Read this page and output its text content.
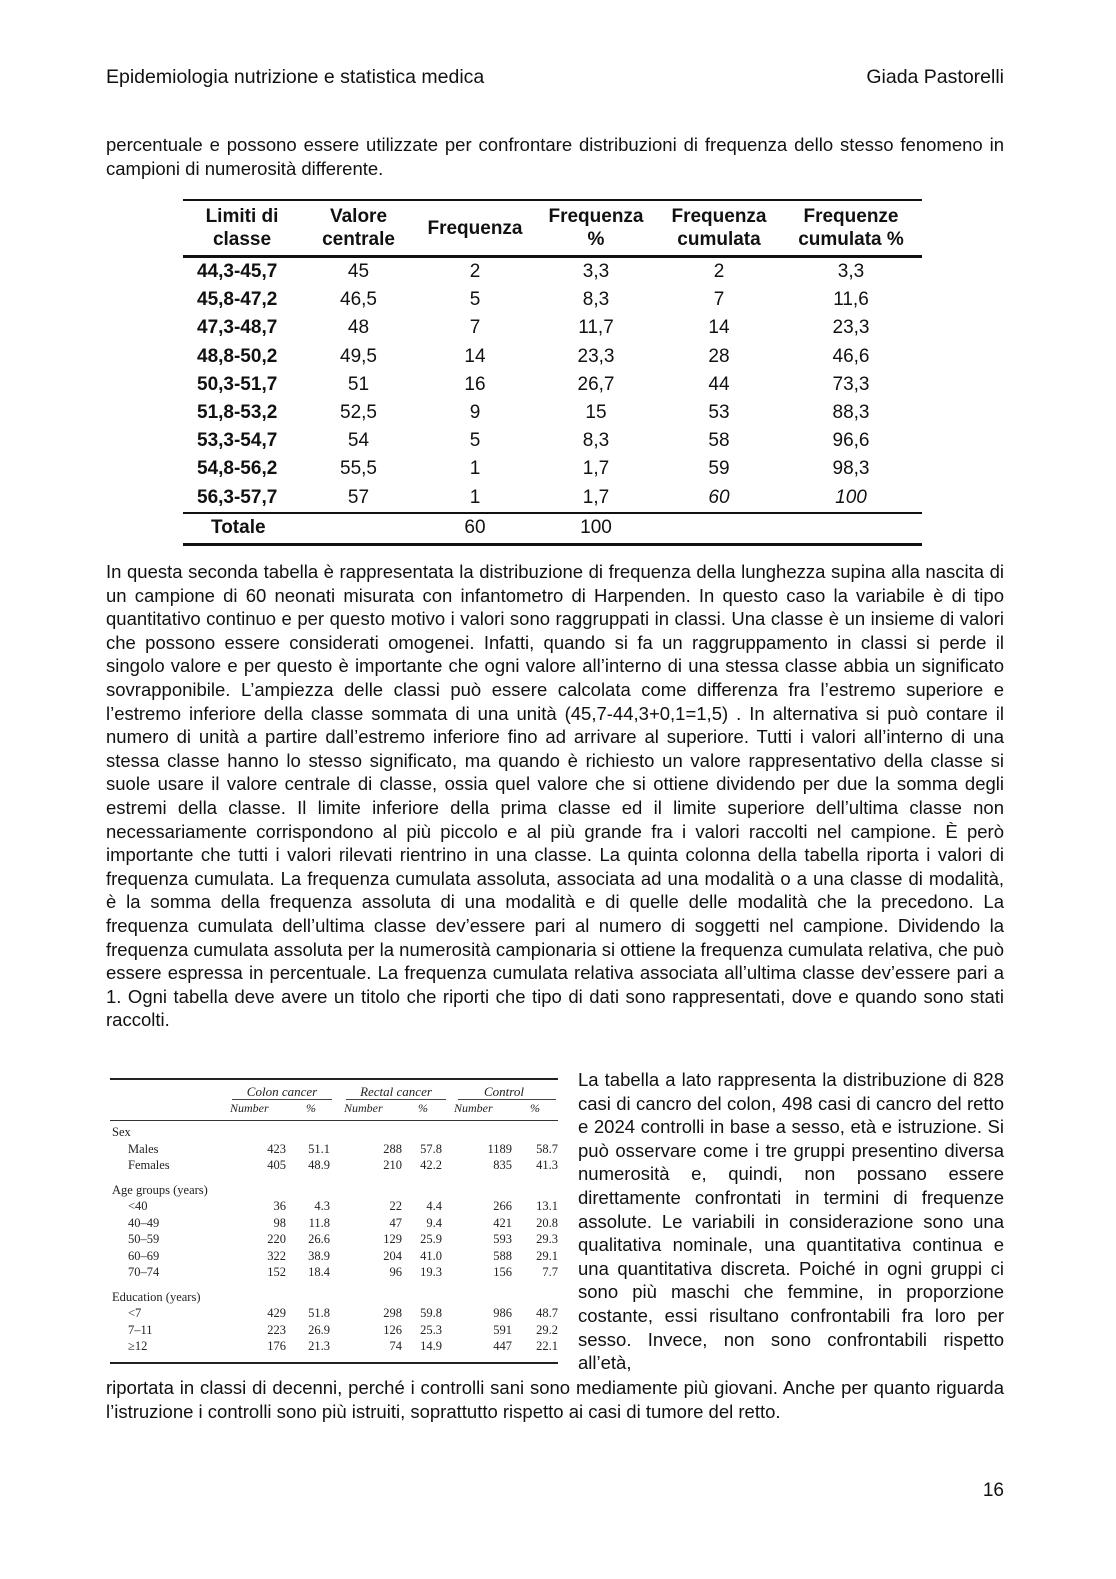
Epidemiologia nutrizione e statistica medica	Giada Pastorelli

percentuale e possono essere utilizzate per confrontare distribuzioni di frequenza dello stesso fenomeno in campioni di numerosità differente.

Limiti di classe	Valore centrale	Frequenza	Frequenza %	Frequenza cumulata	Frequenze cumulata %
44,3-45,7	45	2	3,3	2	3,3
45,8-47,2	46,5	5	8,3	7	11,6
47,3-48,7	48	7	11,7	14	23,3
48,8-50,2	49,5	14	23,3	28	46,6
50,3-51,7	51	16	26,7	44	73,3
51,8-53,2	52,5	9	15	53	88,3
53,3-54,7	54	5	8,3	58	96,6
54,8-56,2	55,5	1	1,7	59	98,3
56,3-57,7	57	1	1,7	60	100
Totale		60	100		

In questa seconda tabella è rappresentata la distribuzione di frequenza della lunghezza supina alla nascita di un campione di 60 neonati misurata con infantometro di Harpenden. In questo caso la variabile è di tipo quantitativo continuo e per questo motivo i valori sono raggruppati in classi. Una classe è un insieme di valori che possono essere considerati omogenei. Infatti, quando si fa un raggruppamento in classi si perde il singolo valore e per questo è importante che ogni valore all’interno di una stessa classe abbia un significato sovrapponibile. L’ampiezza delle classi può essere calcolata come differenza fra l’estremo superiore e l’estremo inferiore della classe sommata di una unità (45,7-44,3+0,1=1,5) . In alternativa si può contare il numero di unità a partire dall’estremo inferiore fino ad arrivare al superiore. Tutti i valori all’interno di una stessa classe hanno lo stesso significato, ma quando è richiesto un valore rappresentativo della classe si suole usare il valore centrale di classe, ossia quel valore che si ottiene dividendo per due la somma degli estremi della classe. Il limite inferiore della prima classe ed il limite superiore dell’ultima classe non necessariamente corrispondono al più piccolo e al più grande fra i valori raccolti nel campione. È però importante che tutti i valori rilevati rientrino in una classe. La quinta colonna della tabella riporta i valori di frequenza cumulata. La frequenza cumulata assoluta, associata ad una modalità o a una classe di modalità, è la somma della frequenza assoluta di una modalità e di quelle delle modalità che la precedono. La frequenza cumulata dell’ultima classe dev’essere pari al numero di soggetti nel campione. Dividendo la frequenza cumulata assoluta per la numerosità campionaria si ottiene la frequenza cumulata relativa, che può essere espressa in percentuale. La frequenza cumulata relativa associata all’ultima classe dev’essere pari a 1. Ogni tabella deve avere un titolo che riporti che tipo di dati sono rappresentati, dove e quando sono stati raccolti.

Colon cancer	Rectal cancer	Control
Number	% Number	% Number	%
Sex
Males	423 51.1	288 57.8	1189 58.7
Females	405 48.9	210 42.2	835 41.3
Age groups (years)
<40	36 4.3	22 4.4	266 13.1
40–49	98 11.8	47 9.4	421 20.8
50–59	220 26.6	129 25.9	593 29.3
60–69	322 38.9	204 41.0	588 29.1
70–74	152 18.4	96 19.3	156 7.7
Education (years)
<7	429 51.8	298 59.8	986 48.7
7–11	223 26.9	126 25.3	591 29.2
≥12	176 21.3	74 14.9	447 22.1

La tabella a lato rappresenta la distribuzione di 828 casi di cancro del colon, 498 casi di cancro del retto e 2024 controlli in base a sesso, età e istruzione. Si può osservare come i tre gruppi presentino diversa numerosità e, quindi, non possano essere direttamente confrontati in termini di frequenze assolute. Le variabili in considerazione sono una qualitativa nominale, una quantitativa continua e una quantitativa discreta. Poiché in ogni gruppi ci sono più maschi che femmine, in proporzione costante, essi risultano confrontabili fra loro per sesso. Invece, non sono confrontabili rispetto all’età,

riportata in classi di decenni, perché i controlli sani sono mediamente più giovani. Anche per quanto riguarda l’istruzione i controlli sono più istruiti, soprattutto rispetto ai casi di tumore del retto.

16
